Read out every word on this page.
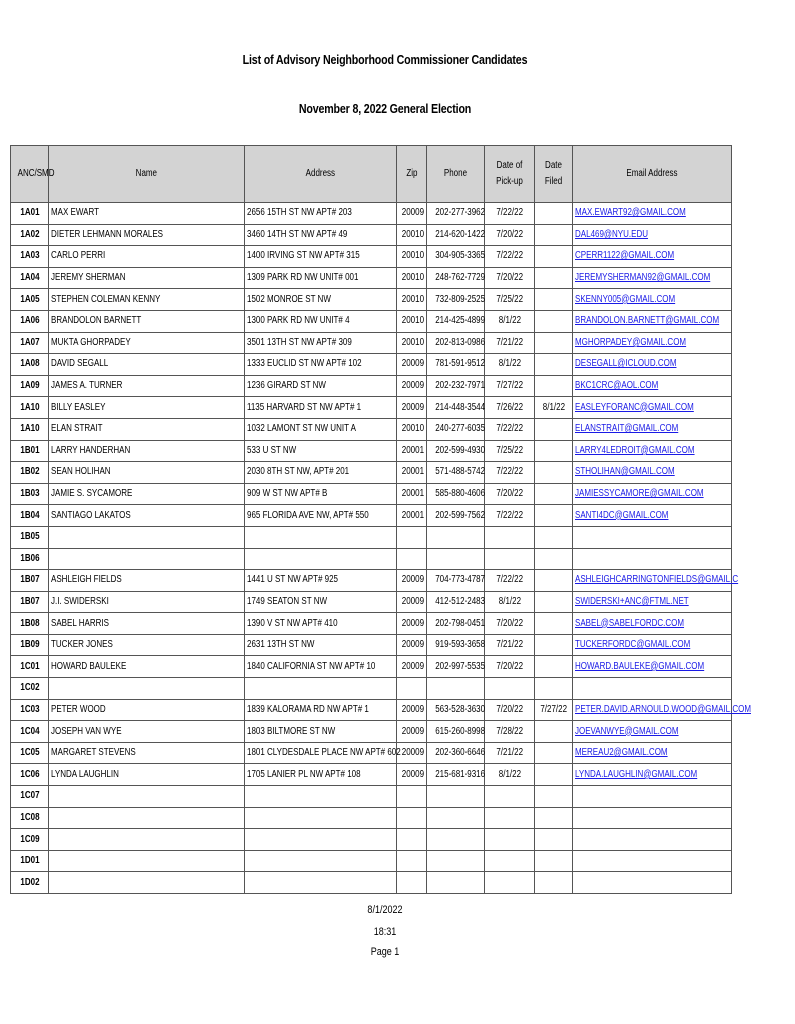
List of Advisory Neighborhood Commissioner Candidates
November 8, 2022 General Election
ANC/SMD	Name	Address	Zip	Phone	Date of Pick-up	Date Filed	Email Address
1A01	MAX EWART	2656 15TH ST NW APT# 203	20009	202-277-3962	7/22/22		MAX.EWART92@GMAIL.COM
1A02	DIETER LEHMANN MORALES	3460 14TH ST NW APT# 49	20010	214-620-1422	7/20/22		DAL469@NYU.EDU
1A03	CARLO PERRI	1400 IRVING ST NW APT# 315	20010	304-905-3365	7/22/22		CPERR1122@GMAIL.COM
1A04	JEREMY SHERMAN	1309 PARK RD NW UNIT# 001	20010	248-762-7729	7/20/22		JEREMYSHERMAN92@GMAIL.COM
1A05	STEPHEN COLEMAN KENNY	1502 MONROE ST NW	20010	732-809-2525	7/25/22		SKENNY005@GMAIL.COM
1A06	BRANDOLON BARNETT	1300 PARK RD NW UNIT# 4	20010	214-425-4899	8/1/22		BRANDOLON.BARNETT@GMAIL.COM
1A07	MUKTA GHORPADEY	3501 13TH ST NW APT# 309	20010	202-813-0986	7/21/22		MGHORPADEY@GMAIL.COM
1A08	DAVID SEGALL	1333 EUCLID ST NW APT# 102	20009	781-591-9512	8/1/22		DESEGALL@ICLOUD.COM
1A09	JAMES A. TURNER	1236 GIRARD ST NW	20009	202-232-7971	7/27/22		BKC1CRC@AOL.COM
1A10	BILLY EASLEY	1135 HARVARD ST NW APT# 1	20009	214-448-3544	7/26/22	8/1/22	EASLEYFORANC@GMAIL.COM
1A10	ELAN STRAIT	1032 LAMONT ST NW UNIT A	20010	240-277-6035	7/22/22		ELANSTRAIT@GMAIL.COM
1B01	LARRY HANDERHAN	533 U ST NW	20001	202-599-4930	7/25/22		LARRY4LEDROIT@GMAIL.COM
1B02	SEAN HOLIHAN	2030 8TH ST NW, APT# 201	20001	571-488-5742	7/22/22		STHOLIHAN@GMAIL.COM
1B03	JAMIE S. SYCAMORE	909 W ST NW APT# B	20001	585-880-4606	7/20/22		JAMIESSYCAMORE@GMAIL.COM
1B04	SANTIAGO LAKATOS	965 FLORIDA AVE NW, APT# 550	20001	202-599-7562	7/22/22		SANTI4DC@GMAIL.COM
1B05							
1B06							
1B07	ASHLEIGH FIELDS	1441 U ST NW APT# 925	20009	704-773-4787	7/22/22		ASHLEIGHCARRINGTONFIELDS@GMAIL.C
1B07	J.I. SWIDERSKI	1749 SEATON ST NW	20009	412-512-2483	8/1/22		SWIDERSKI+ANC@FTML.NET
1B08	SABEL HARRIS	1390 V ST NW APT# 410	20009	202-798-0451	7/20/22		SABEL@SABELFORDC.COM
1B09	TUCKER JONES	2631 13TH ST NW	20009	919-593-3658	7/21/22		TUCKERFORDC@GMAIL.COM
1C01	HOWARD BAULEKE	1840 CALIFORNIA ST NW APT# 10	20009	202-997-5535	7/20/22		HOWARD.BAULEKE@GMAIL.COM
1C02							
1C03	PETER WOOD	1839 KALORAMA RD NW APT# 1	20009	563-528-3630	7/20/22	7/27/22	PETER.DAVID.ARNOULD.WOOD@GMAIL.COM
1C04	JOSEPH VAN WYE	1803 BILTMORE ST NW	20009	615-260-8998	7/28/22		JOEVANWYE@GMAIL.COM
1C05	MARGARET STEVENS	1801 CLYDESDALE PLACE NW APT# 602	20009	202-360-6646	7/21/22		MEREAU2@GMAIL.COM
1C06	LYNDA LAUGHLIN	1705 LANIER PL NW APT# 108	20009	215-681-9316	8/1/22		LYNDA.LAUGHLIN@GMAIL.COM
1C07							
1C08							
1C09							
1D01							
1D02							
8/1/2022
18:31
Page 1
